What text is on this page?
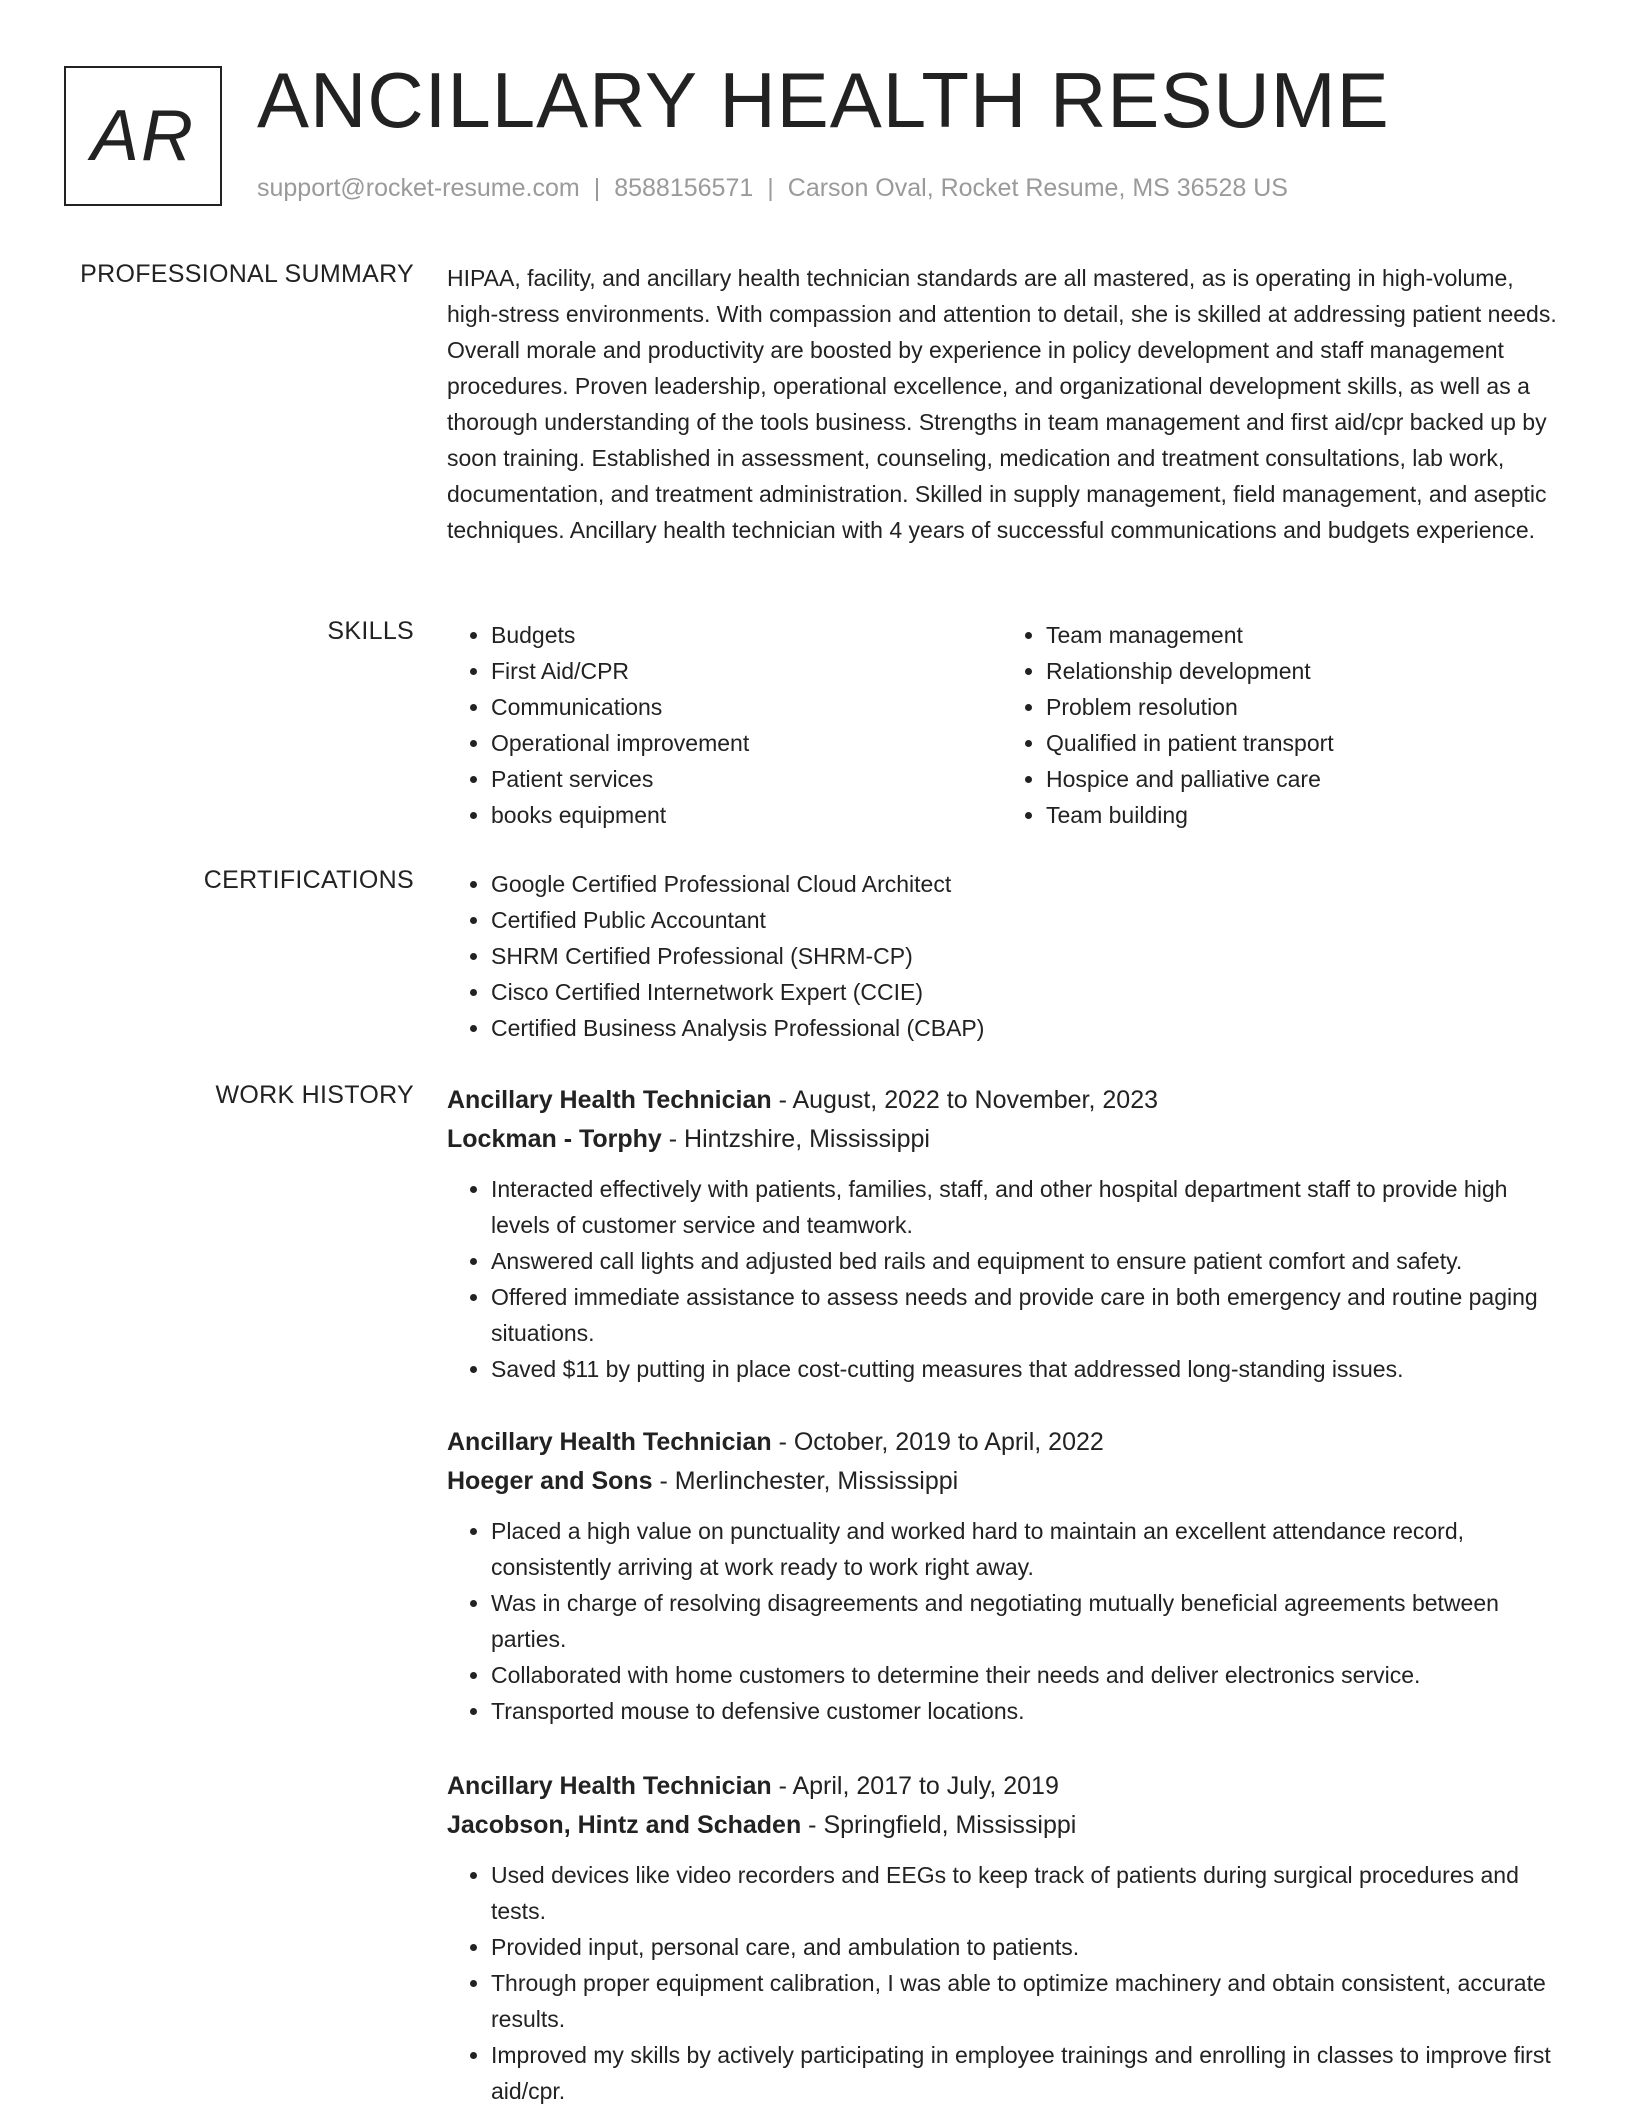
AR ANCILLARY HEALTH RESUME
support@rocket-resume.com | 8588156571 | Carson Oval, Rocket Resume, MS 36528 US
PROFESSIONAL SUMMARY HIPAA, facility, and ancillary health technician standards are all mastered, as is operating in high-volume, high-stress environments. With compassion and attention to detail, she is skilled at addressing patient needs. Overall morale and productivity are boosted by experience in policy development and staff management procedures. Proven leadership, operational excellence, and organizational development skills, as well as a thorough understanding of the tools business. Strengths in team management and first aid/cpr backed up by soon training. Established in assessment, counseling, medication and treatment consultations, lab work, documentation, and treatment administration. Skilled in supply management, field management, and aseptic techniques. Ancillary health technician with 4 years of successful communications and budgets experience.

SKILLS	• Budgets
• First Aid/CPR
• Communications
• Operational improvement
• Patient services
• books equipment
• Team management
• Relationship development
• Problem resolution
• Qualified in patient transport
• Hospice and palliative care
• Team building
CERTIFICATIONS	• Google Certified Professional Cloud Architect
• Certified Public Accountant
• SHRM Certified Professional (SHRM-CP)
• Cisco Certified Internetwork Expert (CCIE)
• Certified Business Analysis Professional (CBAP)
WORK HISTORY Ancillary Health Technician - August, 2022 to November, 2023
Lockman - Torphy - Hintzshire, Mississippi
• Interacted effectively with patients, families, staff, and other hospital department staff to provide high levels of customer service and teamwork.
• Answered call lights and adjusted bed rails and equipment to ensure patient comfort and safety.
• Offered immediate assistance to assess needs and provide care in both emergency and routine paging situations.
• Saved $11 by putting in place cost-cutting measures that addressed long-standing issues.
Ancillary Health Technician - October, 2019 to April, 2022
Hoeger and Sons - Merlinchester, Mississippi
• Placed a high value on punctuality and worked hard to maintain an excellent attendance record, consistently arriving at work ready to work right away.
• Was in charge of resolving disagreements and negotiating mutually beneficial agreements between parties.
• Collaborated with home customers to determine their needs and deliver electronics service.
• Transported mouse to defensive customer locations.
Ancillary Health Technician - April, 2017 to July, 2019
Jacobson, Hintz and Schaden - Springfield, Mississippi
• Used devices like video recorders and EEGs to keep track of patients during surgical procedures and tests.
• Provided input, personal care, and ambulation to patients.
• Through proper equipment calibration, I was able to optimize machinery and obtain consistent, accurate results.
• Improved my skills by actively participating in employee trainings and enrolling in classes to improve first aid/cpr.
